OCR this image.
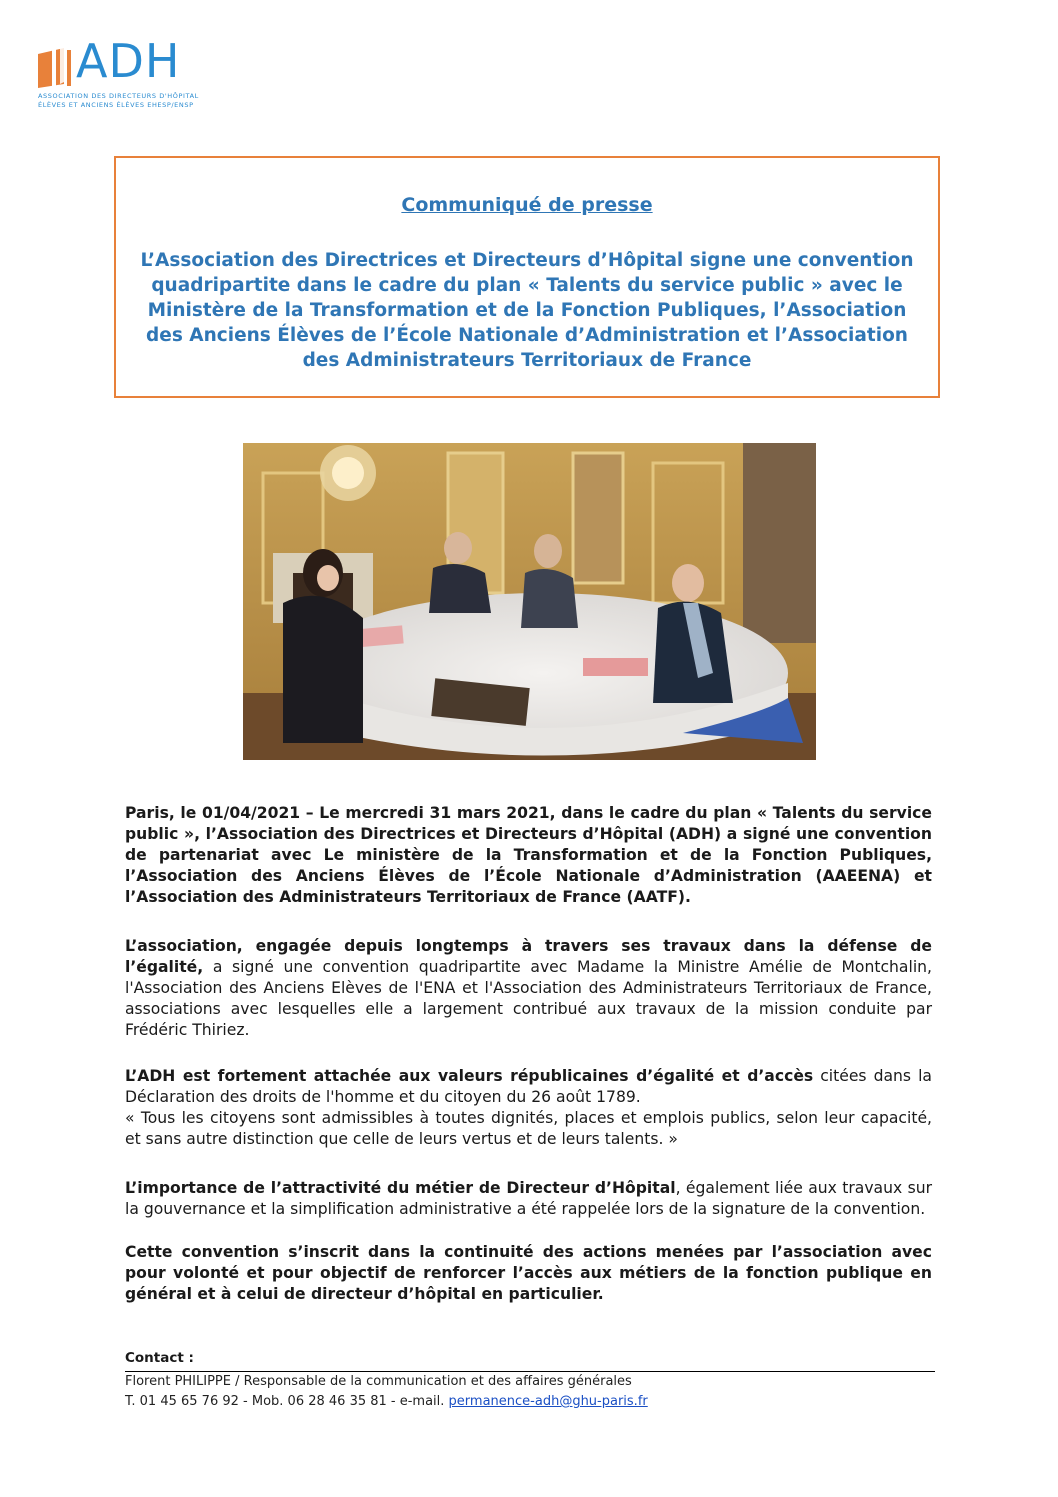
ADH
ASSOCIATION DES DIRECTEURS D'HÔPITAL
ÉLÈVES ET ANCIENS ÉLÈVES EHESP/ENSP
Communiqué de presse
L’Association des Directrices et Directeurs d’Hôpital signe une convention quadripartite dans le cadre du plan « Talents du service public » avec le Ministère de la Transformation et de la Fonction Publiques, l’Association des Anciens Élèves de l’École Nationale d’Administration et l’Association des Administrateurs Territoriaux de France
Paris, le 01/04/2021 – Le mercredi 31 mars 2021, dans le cadre du plan « Talents du service public », l’Association des Directrices et Directeurs d’Hôpital (ADH) a signé une convention de partenariat avec Le ministère de la Transformation et de la Fonction Publiques, l’Association des Anciens Élèves de l’École Nationale d’Administration (AAEENA) et l’Association des Administrateurs Territoriaux de France (AATF).
L’association, engagée depuis longtemps à travers ses travaux dans la défense de l’égalité, a signé une convention quadripartite avec Madame la Ministre Amélie de Montchalin, l'Association des Anciens Elèves de l'ENA et l'Association des Administrateurs Territoriaux de France, associations avec lesquelles elle a largement contribué aux travaux de la mission conduite par Frédéric Thiriez.
L’ADH est fortement attachée aux valeurs républicaines d’égalité et d’accès citées dans la Déclaration des droits de l'homme et du citoyen du 26 août 1789.
« Tous les citoyens sont admissibles à toutes dignités, places et emplois publics, selon leur capacité, et sans autre distinction que celle de leurs vertus et de leurs talents. »
L’importance de l’attractivité du métier de Directeur d’Hôpital, également liée aux travaux sur la gouvernance et la simplification administrative a été rappelée lors de la signature de la convention.
Cette convention s’inscrit dans la continuité des actions menées par l’association avec pour volonté et pour objectif de renforcer l’accès aux métiers de la fonction publique en général et à celui de directeur d’hôpital en particulier.
Contact :
Florent PHILIPPE / Responsable de la communication et des affaires générales
T. 01 45 65 76 92 - Mob. 06 28 46 35 81 - e-mail. permanence-adh@ghu-paris.fr
